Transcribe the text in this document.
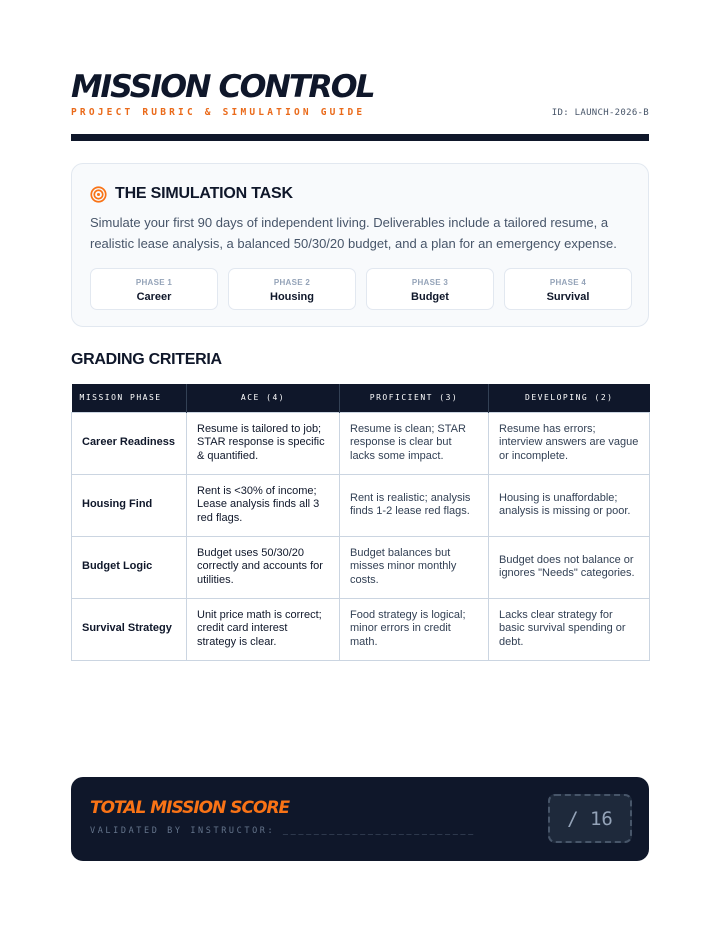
MISSION CONTROL
PROJECT RUBRIC & SIMULATION GUIDE	ID: LAUNCH-2026-B
THE SIMULATION TASK

Simulate your first 90 days of independent living. Deliverables include a tailored resume, a realistic lease analysis, a balanced 50/30/20 budget, and a plan for an emergency expense.

PHASE 1
Career
PHASE 2
Housing
PHASE 3
Budget
PHASE 4
Survival
GRADING CRITERIA
MISSION PHASE	ACE (4)	PROFICIENT (3)	DEVELOPING (2)
Career Readiness	Resume is tailored to job; STAR response is specific & quantified.	Resume is clean; STAR response is clear but lacks some impact.	Resume has errors; interview answers are vague or incomplete.
Housing Find	Rent is <30% of income; Lease analysis finds all 3 red flags.	Rent is realistic; analysis finds 1-2 lease red flags.	Housing is unaffordable; analysis is missing or poor.
Budget Logic	Budget uses 50/30/20 correctly and accounts for utilities.	Budget balances but misses minor monthly costs.	Budget does not balance or ignores "Needs" categories.
Survival Strategy	Unit price math is correct; credit card interest strategy is clear.	Food strategy is logical; minor errors in credit math.	Lacks clear strategy for basic survival spending or debt.
TOTAL MISSION SCORE
VALIDATED BY INSTRUCTOR: _________________________
/ 16
